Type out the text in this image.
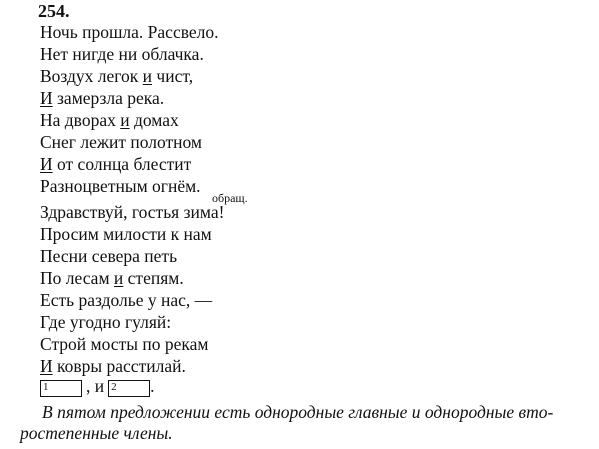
254.
Ночь прошла. Рассвело.
Нет нигде ни облачка.
Воздух легок и чист,
И замерзла река.
На дворах и домах
Снег лежит полотном
И от солнца блестит
Разноцветным огнём.
Здравствуй, гостья зима!
обращ.
Просим милости к нам
Песни севера петь
По лесам и степям.
Есть раздолье у нас, —
Где угодно гуляй:
Строй мосты по рекам
И ковры расстилай.
1	, и 2	.
В пятом предложении есть однородные главные и однородные вто-
ростепенные члены.
